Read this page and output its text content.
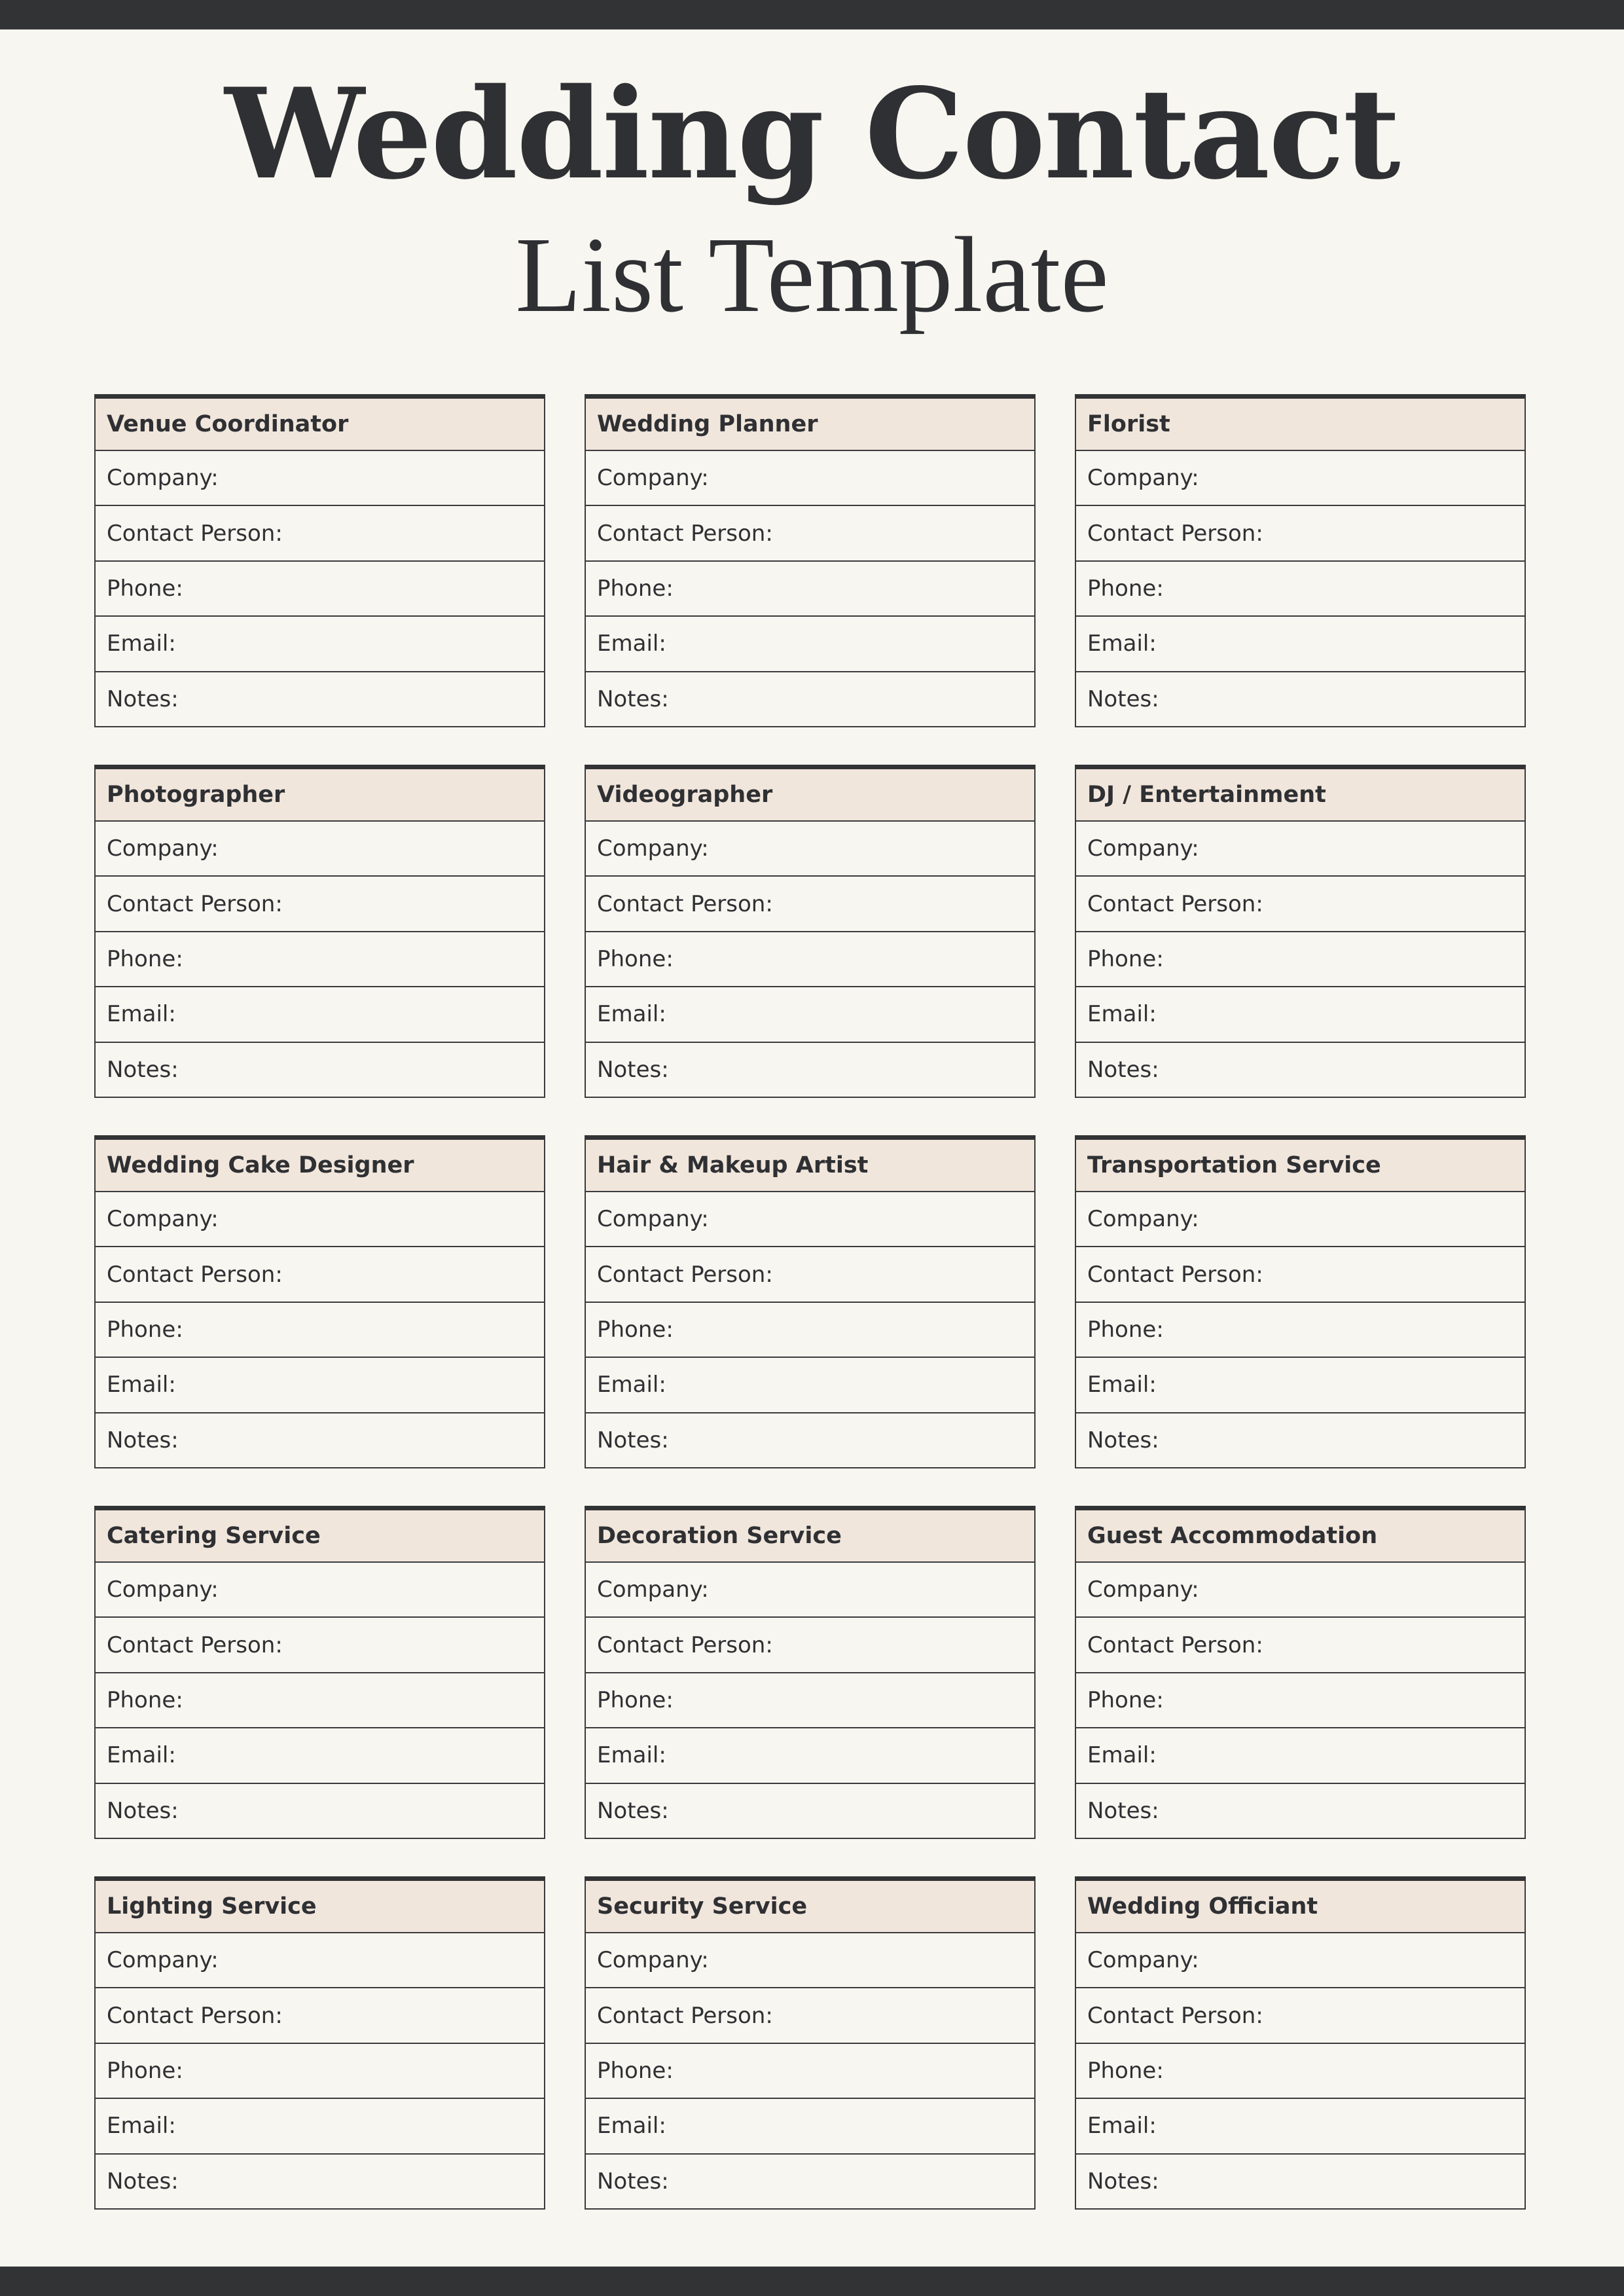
Wedding Contact
List Template
Venue Coordinator
Company:
Contact Person:
Phone:
Email:
Notes:
Wedding Planner
Company:
Contact Person:
Phone:
Email:
Notes:
Florist
Company:
Contact Person:
Phone:
Email:
Notes:
Photographer
Company:
Contact Person:
Phone:
Email:
Notes:
Videographer
Company:
Contact Person:
Phone:
Email:
Notes:
DJ / Entertainment
Company:
Contact Person:
Phone:
Email:
Notes:
Wedding Cake Designer
Company:
Contact Person:
Phone:
Email:
Notes:
Hair & Makeup Artist
Company:
Contact Person:
Phone:
Email:
Notes:
Transportation Service
Company:
Contact Person:
Phone:
Email:
Notes:
Catering Service
Company:
Contact Person:
Phone:
Email:
Notes:
Decoration Service
Company:
Contact Person:
Phone:
Email:
Notes:
Guest Accommodation
Company:
Contact Person:
Phone:
Email:
Notes:
Lighting Service
Company:
Contact Person:
Phone:
Email:
Notes:
Security Service
Company:
Contact Person:
Phone:
Email:
Notes:
Wedding Officiant
Company:
Contact Person:
Phone:
Email:
Notes:
